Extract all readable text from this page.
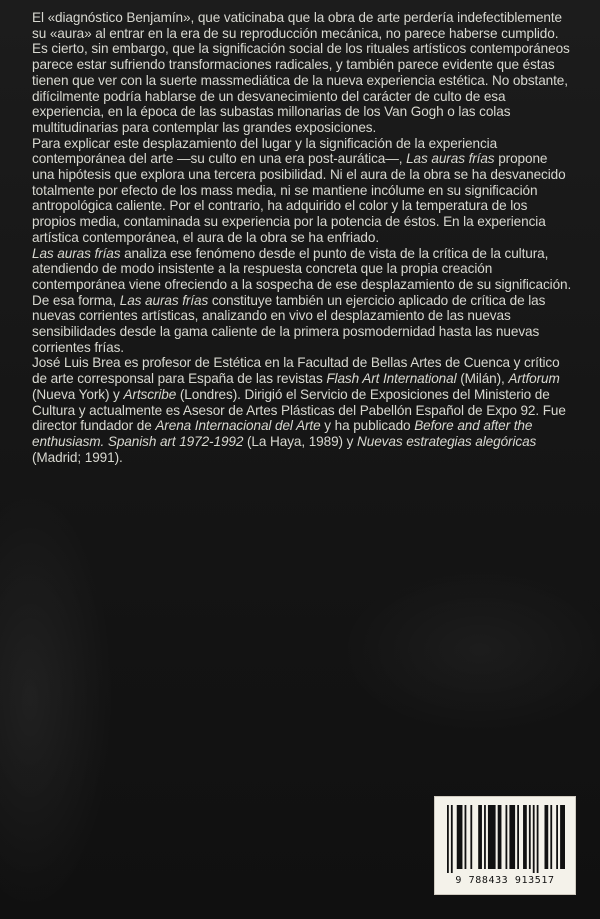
El «diagnóstico Benjamín», que vaticinaba que la obra de arte perdería indefectiblemente su «aura» al entrar en la era de su reproducción mecánica, no parece haberse cumplido. Es cierto, sin embargo, que la significación social de los rituales artísticos contemporáneos parece estar sufriendo transformaciones radicales, y también parece evidente que éstas tienen que ver con la suerte massmediática de la nueva experiencia estética. No obstante, difícilmente podría hablarse de un desvanecimiento del carácter de culto de esa experiencia, en la época de las subastas millonarias de los Van Gogh o las colas multitudinarias para contemplar las grandes exposiciones.

Para explicar este desplazamiento del lugar y la significación de la experiencia contemporánea del arte —su culto en una era post-aurática—, Las auras frías propone una hipótesis que explora una tercera posibilidad. Ni el aura de la obra se ha desvanecido totalmente por efecto de los mass media, ni se mantiene incólume en su significación antropológica caliente. Por el contrario, ha adquirido el color y la temperatura de los propios media, contaminada su experiencia por la potencia de éstos. En la experiencia artística contemporánea, el aura de la obra se ha enfriado.

Las auras frías analiza ese fenómeno desde el punto de vista de la crítica de la cultura, atendiendo de modo insistente a la respuesta concreta que la propia creación contemporánea viene ofreciendo a la sospecha de ese desplazamiento de su significación. De esa forma, Las auras frías constituye también un ejercicio aplicado de crítica de las nuevas corrientes artísticas, analizando en vivo el desplazamiento de las nuevas sensibilidades desde la gama caliente de la primera posmodernidad hasta las nuevas corrientes frías.

José Luis Brea es profesor de Estética en la Facultad de Bellas Artes de Cuenca y crítico de arte corresponsal para España de las revistas Flash Art International (Milán), Artforum (Nueva York) y Artscribe (Londres). Dirigió el Servicio de Exposiciones del Ministerio de Cultura y actualmente es Asesor de Artes Plásticas del Pabellón Español de Expo 92. Fue director fundador de Arena Internacional del Arte y ha publicado Before and after the enthusiasm. Spanish art 1972-1992 (La Haya, 1989) y Nuevas estrategias alegóricas (Madrid; 1991).

9 788433 913517
